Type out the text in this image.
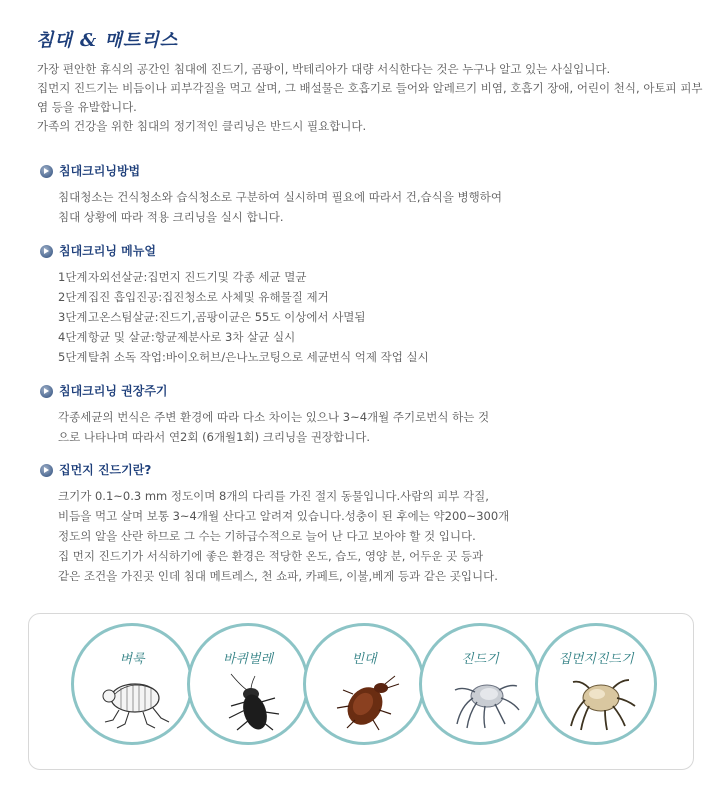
침대 & 매트리스

가장 편안한 휴식의 공간인 침대에 진드기, 곰팡이, 박테리아가 대량 서식한다는 것은 누구나 알고 있는 사실입니다.

집먼지 진드기는 비듬이나 피부각질을 먹고 살며, 그 배설물은 호흡기로 들어와 알레르기 비염, 호흡기 장애, 어린이 천식, 아토피 피부염 등을 유발합니다.

가족의 건강을 위한 침대의 정기적인 클리닝은 반드시 필요합니다.

침대크리닝방법
침대청소는 건식청소와 습식청소로 구분하여 실시하며 필요에 따라서 건,습식을 병행하여
침대 상황에 따라 적용 크리닝을 실시 합니다.
침대크리닝 메뉴얼
1단계 자외선살균:집먼지 진드기및 각종 세균 멸균
2단계 집진 흡입진공:집진청소로 사체및 유해물질 제거
3단계 고온스팀살균:진드기,곰팡이균은 55도 이상에서 사멸됨
4단계 항균 및 살균:항균제분사로 3차 살균 실시
5단계 탈취 소독 작업:바이오허브/은나노코팅으로 세균번식 억제 작업 실시
침대크리닝 권장주기
각종세균의 번식은 주변 환경에 따라 다소 차이는 있으나 3~4개월 주기로번식 하는 것
으로 나타나며 따라서 연2회 (6개월1회) 크리닝을 권장합니다.
집먼지 진드기란?
크기가 0.1~0.3 mm 정도이며 8개의 다리를 가진 절지 동물입니다.사람의 피부 각질,
비듬을 먹고 살며 보통 3~4개월 산다고 알려져 있습니다.성충이 된 후에는 약200~300개
정도의 알을 산란 하므로 그 수는 기하급수적으로 늘어 난 다고 보아야 할 것 입니다.
집 먼지 진드기가 서식하기에 좋은 환경은 적당한 온도, 습도, 영양 분, 어두운 곳 등과
같은 조건을 가진곳 인데 침대 메트레스, 천 쇼파, 카페트, 이불,베게 등과 같은 곳입니다.
벼룩	바퀴벌레	빈대	진드기	집먼지진드기
